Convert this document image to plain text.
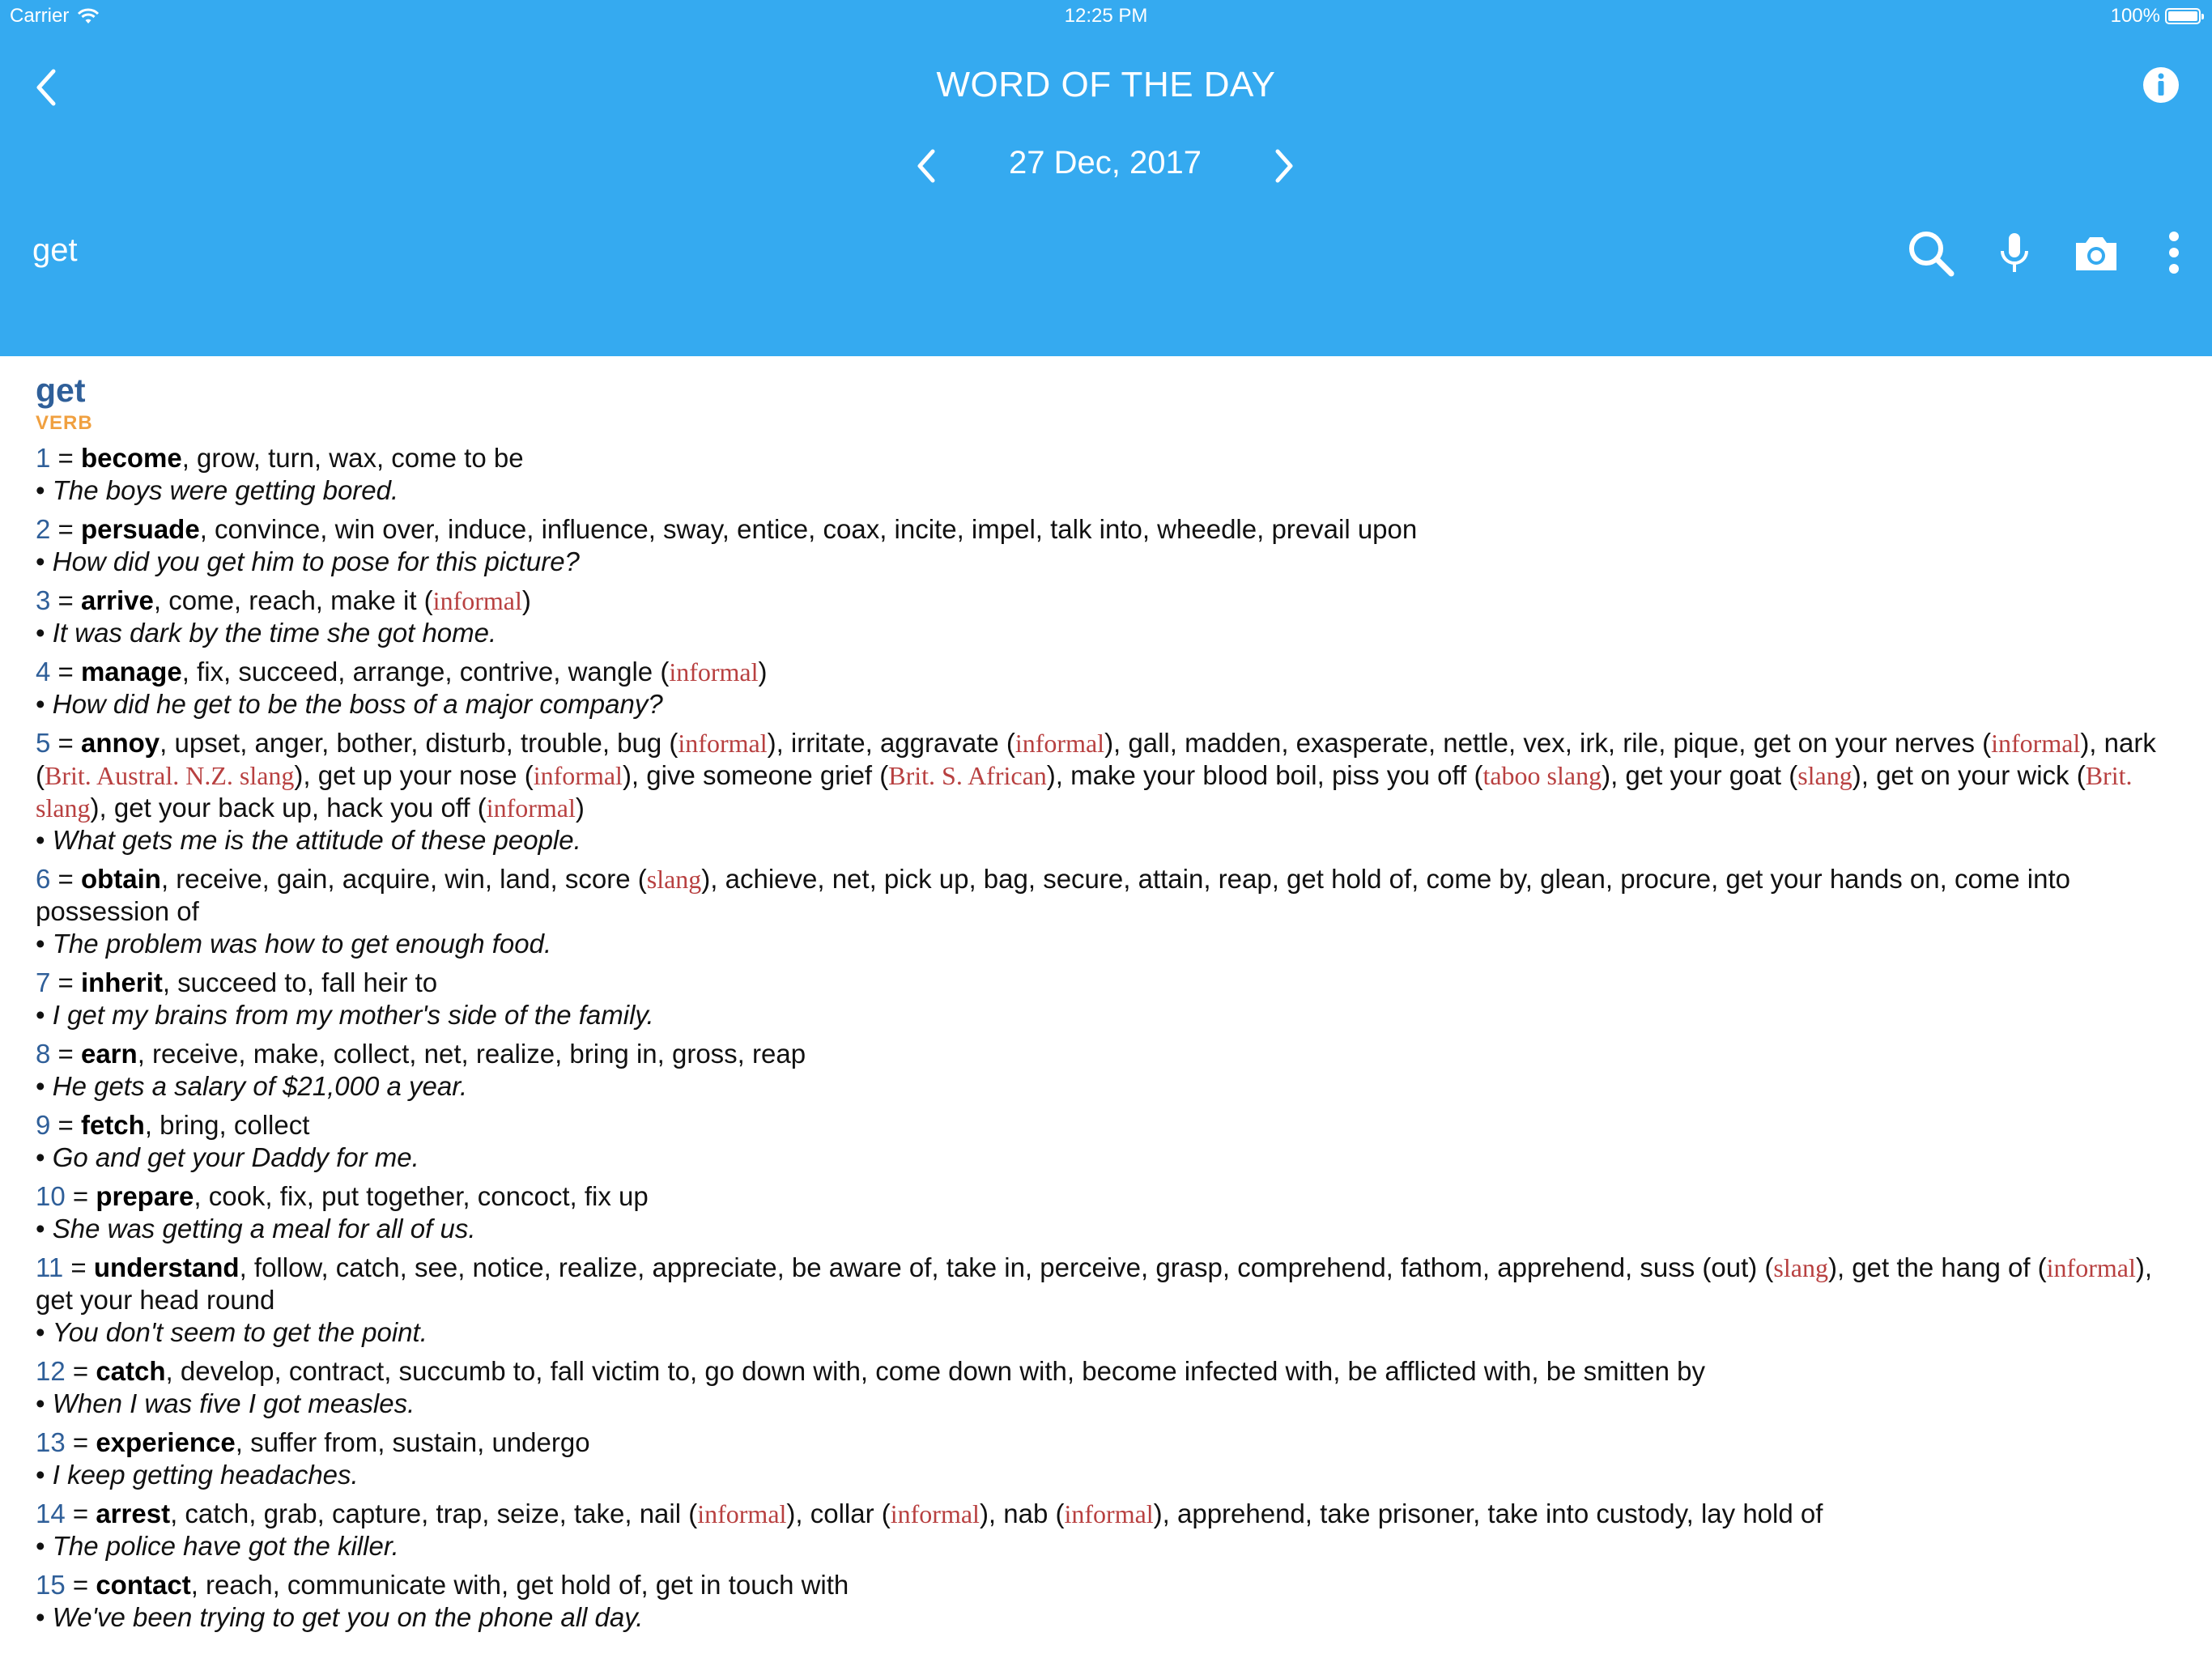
Carrier	12:25 PM	100%
WORD OF THE DAY
27 Dec, 2017
get
get
VERB
1 = become, grow, turn, wax, come to be
• The boys were getting bored.
2 = persuade, convince, win over, induce, influence, sway, entice, coax, incite, impel, talk into, wheedle, prevail upon
• How did you get him to pose for this picture?
3 = arrive, come, reach, make it (informal)
• It was dark by the time she got home.
4 = manage, fix, succeed, arrange, contrive, wangle (informal)
• How did he get to be the boss of a major company?
5 = annoy, upset, anger, bother, disturb, trouble, bug (informal), irritate, aggravate (informal), gall, madden, exasperate, nettle, vex, irk, rile, pique, get on your nerves (informal), nark (Brit. Austral. N.Z. slang), get up your nose (informal), give someone grief (Brit. S. African), make your blood boil, piss you off (taboo slang), get your goat (slang), get on your wick (Brit. slang), get your back up, hack you off (informal)
• What gets me is the attitude of these people.
6 = obtain, receive, gain, acquire, win, land, score (slang), achieve, net, pick up, bag, secure, attain, reap, get hold of, come by, glean, procure, get your hands on, come into possession of
• The problem was how to get enough food.
7 = inherit, succeed to, fall heir to
• I get my brains from my mother's side of the family.
8 = earn, receive, make, collect, net, realize, bring in, gross, reap
• He gets a salary of $21,000 a year.
9 = fetch, bring, collect
• Go and get your Daddy for me.
10 = prepare, cook, fix, put together, concoct, fix up
• She was getting a meal for all of us.
11 = understand, follow, catch, see, notice, realize, appreciate, be aware of, take in, perceive, grasp, comprehend, fathom, apprehend, suss (out) (slang), get the hang of (informal), get your head round
• You don't seem to get the point.
12 = catch, develop, contract, succumb to, fall victim to, go down with, come down with, become infected with, be afflicted with, be smitten by
• When I was five I got measles.
13 = experience, suffer from, sustain, undergo
• I keep getting headaches.
14 = arrest, catch, grab, capture, trap, seize, take, nail (informal), collar (informal), nab (informal), apprehend, take prisoner, take into custody, lay hold of
• The police have got the killer.
15 = contact, reach, communicate with, get hold of, get in touch with
• We've been trying to get you on the phone all day.
